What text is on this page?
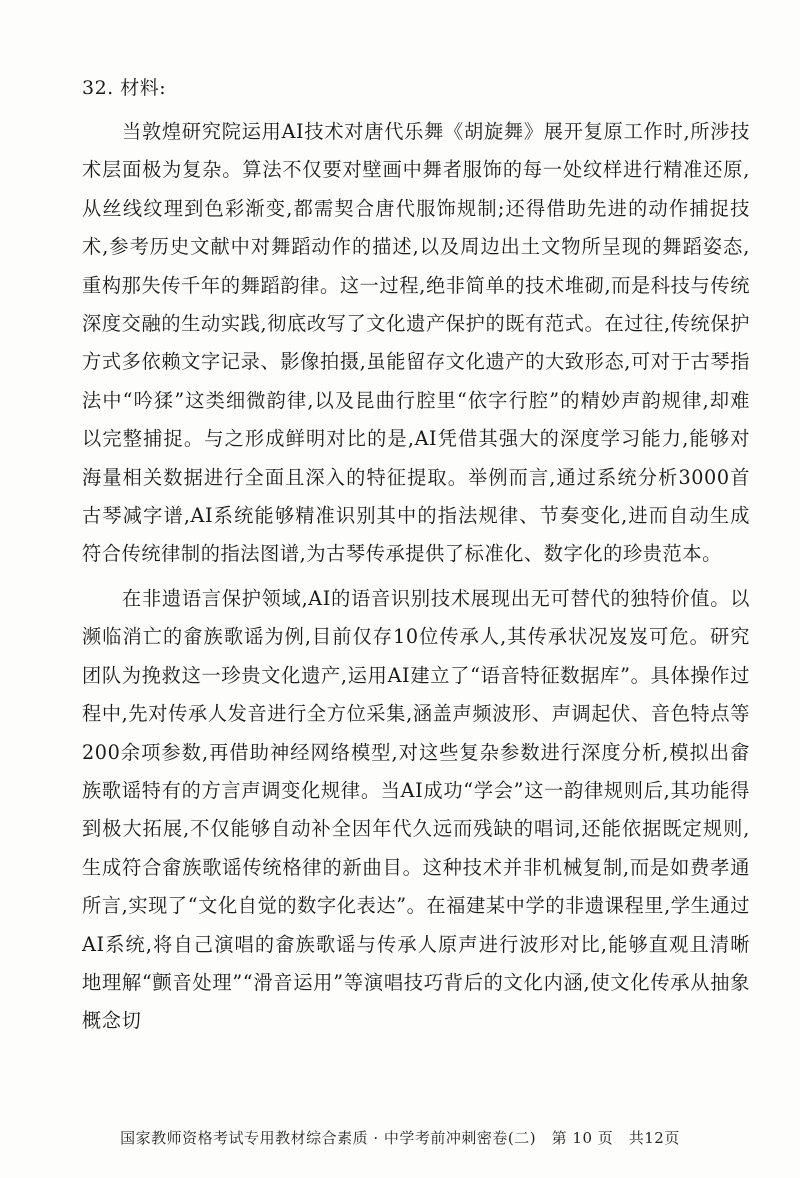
32. 材料:

当敦煌研究院运用AI技术对唐代乐舞《胡旋舞》展开复原工作时,所涉技术层面极为复杂。算法不仅要对壁画中舞者服饰的每一处纹样进行精准还原,从丝线纹理到色彩渐变,都需契合唐代服饰规制;还得借助先进的动作捕捉技术,参考历史文献中对舞蹈动作的描述,以及周边出土文物所呈现的舞蹈姿态,重构那失传千年的舞蹈韵律。这一过程,绝非简单的技术堆砌,而是科技与传统深度交融的生动实践,彻底改写了文化遗产保护的既有范式。在过往,传统保护方式多依赖文字记录、影像拍摄,虽能留存文化遗产的大致形态,可对于古琴指法中“吟猱”这类细微韵律,以及昆曲行腔里“依字行腔”的精妙声韵规律,却难以完整捕捉。与之形成鲜明对比的是,AI凭借其强大的深度学习能力,能够对海量相关数据进行全面且深入的特征提取。举例而言,通过系统分析3000首古琴减字谱,AI系统能够精准识别其中的指法规律、节奏变化,进而自动生成符合传统律制的指法图谱,为古琴传承提供了标准化、数字化的珍贵范本。

在非遗语言保护领域,AI的语音识别技术展现出无可替代的独特价值。以濒临消亡的畲族歌谣为例,目前仅存10位传承人,其传承状况岌岌可危。研究团队为挽救这一珍贵文化遗产,运用AI建立了“语音特征数据库”。具体操作过程中,先对传承人发音进行全方位采集,涵盖声频波形、声调起伏、音色特点等200余项参数,再借助神经网络模型,对这些复杂参数进行深度分析,模拟出畲族歌谣特有的方言声调变化规律。当AI成功“学会”这一韵律规则后,其功能得到极大拓展,不仅能够自动补全因年代久远而残缺的唱词,还能依据既定规则,生成符合畲族歌谣传统格律的新曲目。这种技术并非机械复制,而是如费孝通所言,实现了“文化自觉的数字化表达”。在福建某中学的非遗课程里,学生通过AI系统,将自己演唱的畲族歌谣与传承人原声进行波形对比,能够直观且清晰地理解“颤音处理”“滑音运用”等演唱技巧背后的文化内涵,使文化传承从抽象概念切

国家教师资格考试专用教材综合素质 · 中学考前冲刺密卷(二)　第 10 页　共12页
